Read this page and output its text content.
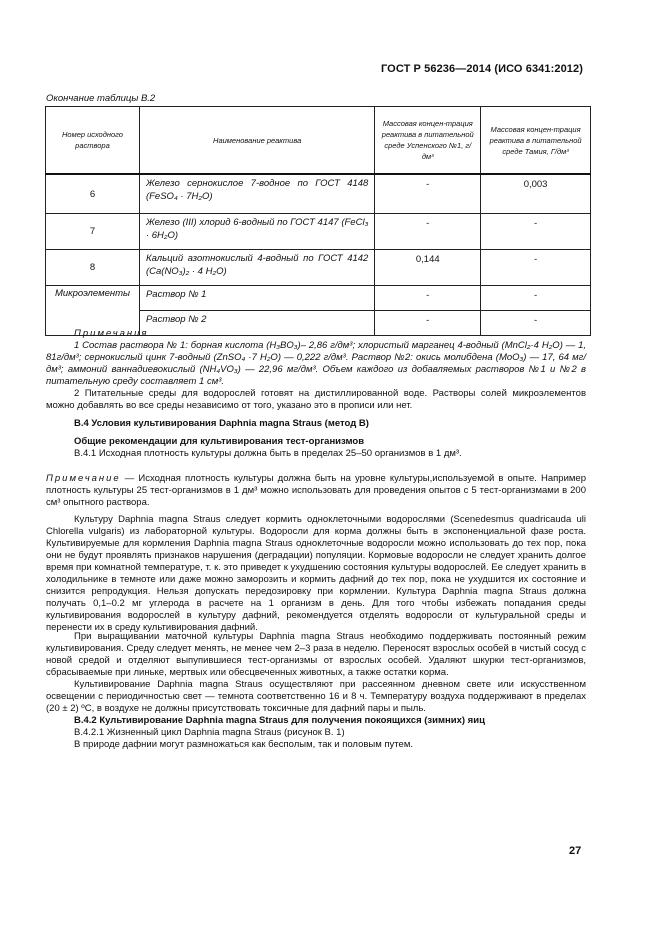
ГОСТ Р 56236—2014 (ИСО 6341:2012)
Окончание таблицы В.2
Номер исходного раствора	Наименование реактива	Массовая концен-трация реактива в питательной среде Успенского №1, г/дм³	Массовая концен-трация реактива в питательной среде Тамия, Г/дм³
6	Железо сернокислое 7-водное по ГОСТ 4148 (FeSO₄ · 7H₂O)	-	0,003
7	Железо (III) хлорид 6-водный по ГОСТ 4147 (FeCl₃ · 6H₂O)	-	-
8	Кальций азотнокислый 4-водный по ГОСТ 4142 (Ca(NO₃)₂ · 4 H₂O)	0,144	-
Микроэлементы	Раствор № 1	-	-
	Раствор № 2	-	-
Примечания
1 Состав раствора № 1: борная кислота (H₃BO₃)– 2,86 г/дм³; хлористый марганец 4-водный (MnCl₂·4 H₂O) — 1, 81г/дм³; сернокислый цинк 7-водный (ZnSO₄ ·7 H₂O) — 0,222 г/дм³. Раствор №2: окись молибдена (MoO₃) — 17, 64 мг/дм³; аммоний ваннадиевокислый (NH₄VO₃) — 22,96 мг/дм³. Объем каждого из добавляемых растворов №1 и №2 в питательную среду составляет 1 см³.
2 Питательные среды для водорослей готовят на дистиллированной воде. Растворы солей микроэлементов можно добавлять во все среды независимо от того, указано это в прописи или нет.
В.4 Условия культивирования Daphnia magna Straus (метод В)
Общие рекомендации для культивирования тест-организмов
В.4.1 Исходная плотность культуры должна быть в пределах 25–50 организмов в 1 дм³.
Примечание — Исходная плотность культуры должна быть на уровне культуры,используемой в опыте. Например плотность культуры 25 тест-организмов в 1 дм³ можно использовать для проведения опытов с 5 тест-организмами в 200 см³ опытного раствора.
Культуру Daphnia magna Straus следует кормить одноклеточными водорослями (Scenedesmus quadricauda uli Chlorella vulgaris) из лабораторной культуры. Водоросли для корма должны быть в экспоненциальной фазе роста. Культивируемые для кормления Daphnia magna Straus одноклеточные водоросли можно использовать до тех пор, пока они не будут проявлять признаков нарушения (деградации) популяции. Кормовые водоросли не следует хранить долгое время при комнатной температуре, т. к. это приведет к ухудшению состояния культуры водорослей. Ее следует хранить в холодильнике в темноте или даже можно заморозить и кормить дафний до тех пор, пока не ухудшится их состояние и снизится репродукция. Нельзя допускать передозировку при кормлении. Культура Daphnia magna Straus должна получать 0,1–0.2 мг углерода в расчете на 1 организм в день. Для того чтобы избежать попадания среды культивирования водорослей в культуру дафний, рекомендуется отделять водоросли от культуральной среды и перенести их в среду культивирования дафний.
При выращивании маточной культуры Daphnia magna Straus необходимо поддерживать постоянный режим культивирования. Среду следует менять, не менее чем 2–3 раза в неделю. Переносят взрослых особей в чистый сосуд с новой средой и отделяют выпупившиеся тест-организмы от взрослых особей. Удаляют шкурки тест-организмов, сбрасываемые при линьке, мертвых или обесцвеченных животных, а также остатки корма.
Культивирование Daphnia magna Straus осуществляют при рассеянном дневном свете или искусственном освещении с периодичностью свет — темнота соответственно 16 и 8 ч. Температуру воздуха поддерживают в пределах (20 ± 2) ºС, в воздухе не должны присутствовать токсичные для дафний пары и пыль.
В.4.2 Культивирование Daphnia magna Straus для получения покоящихся (зимних) яиц
В.4.2.1 Жизненный цикл Daphnia magna Straus (рисунок В. 1)
В природе дафнии могут размножаться как бесполым, так и половым путем.
27
